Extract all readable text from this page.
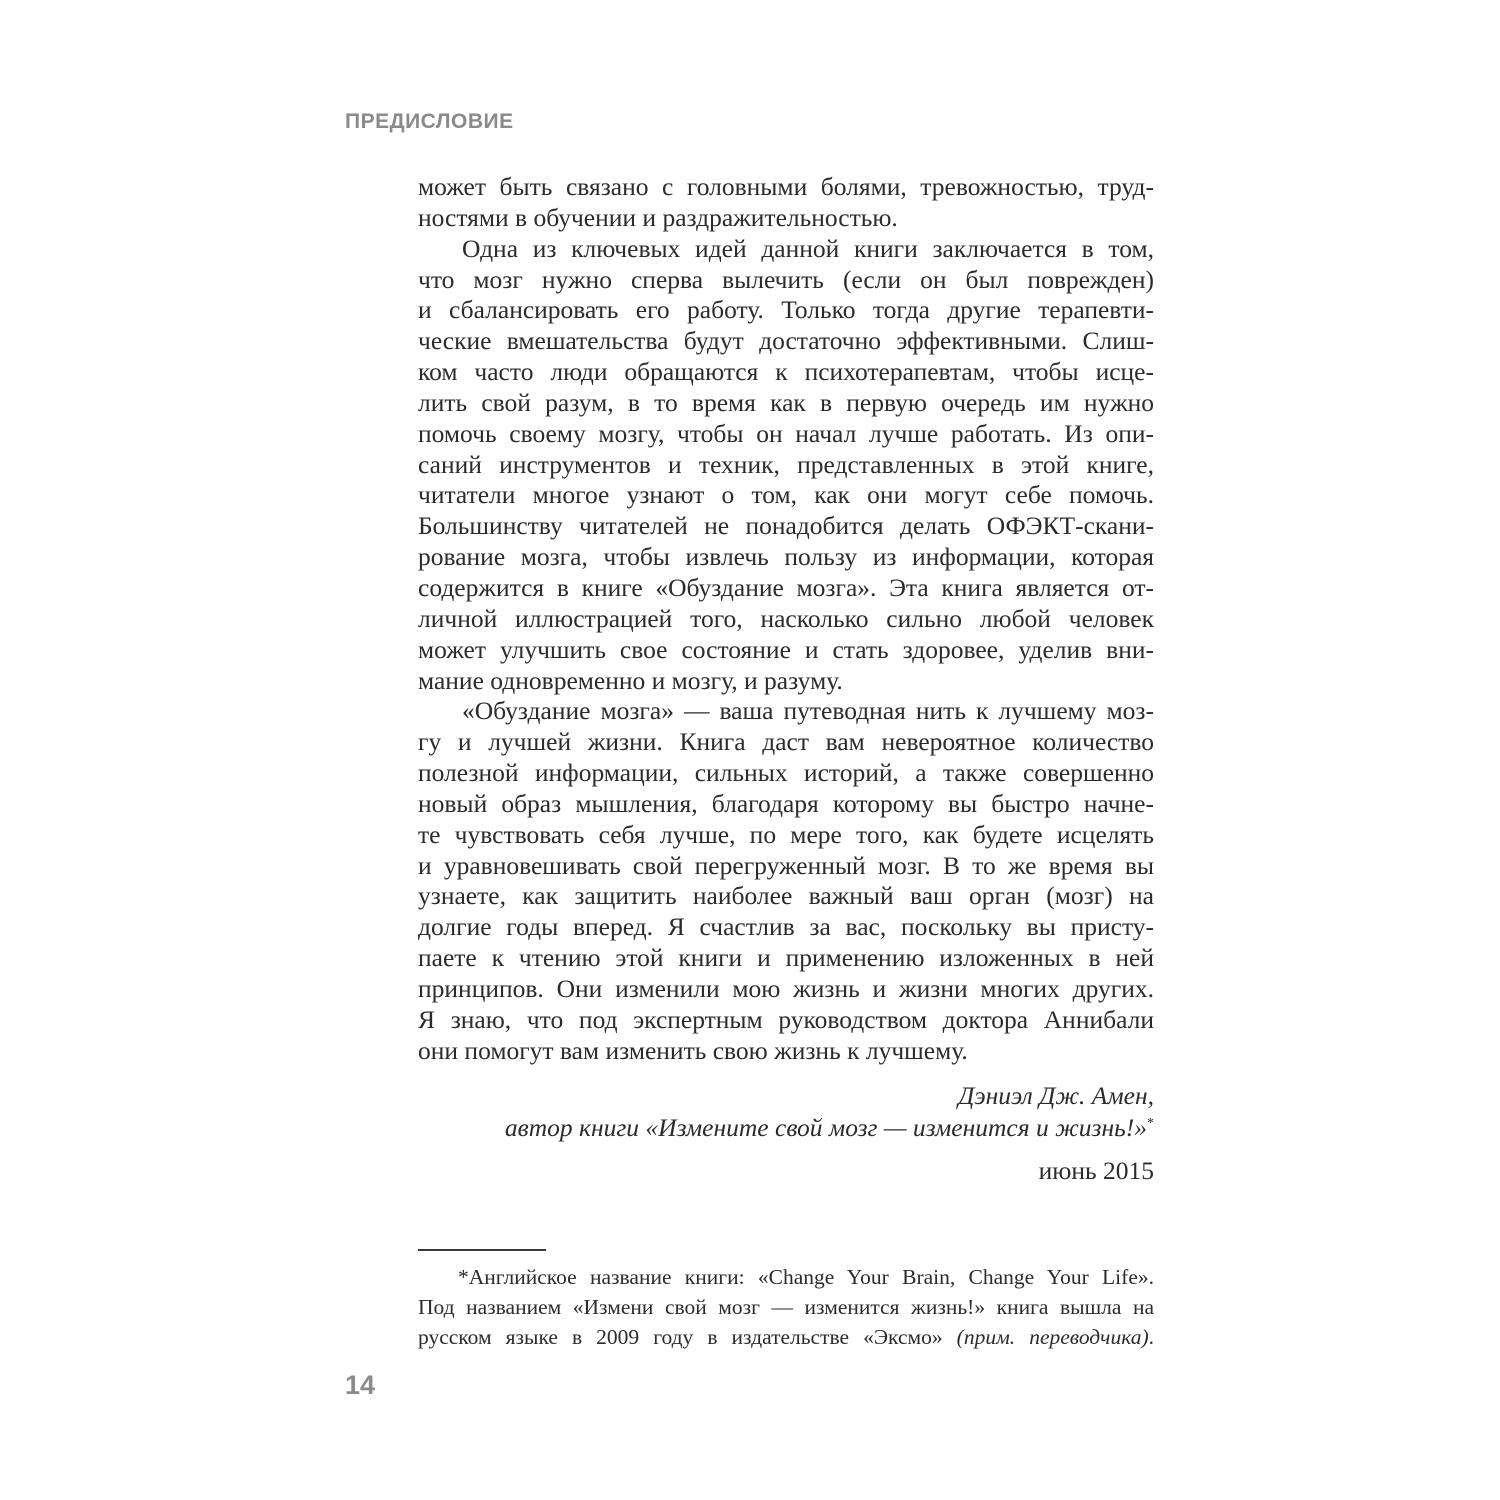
ПРЕДИСЛОВИЕ
может быть связано с головными болями, тревожностью, труд-
ностями в обучении и раздражительностью.
Одна из ключевых идей данной книги заключается в том,
что мозг нужно сперва вылечить (если он был поврежден)
и сбалансировать его работу. Только тогда другие терапевти-
ческие вмешательства будут достаточно эффективными. Слиш-
ком часто люди обращаются к психотерапевтам, чтобы исце-
лить свой разум, в то время как в первую очередь им нужно
помочь своему мозгу, чтобы он начал лучше работать. Из опи-
саний инструментов и техник, представленных в этой книге,
читатели многое узнают о том, как они могут себе помочь.
Большинству читателей не понадобится делать ОФЭКТ-скани-
рование мозга, чтобы извлечь пользу из информации, которая
содержится в книге «Обуздание мозга». Эта книга является от-
личной иллюстрацией того, насколько сильно любой человек
может улучшить свое состояние и стать здоровее, уделив вни-
мание одновременно и мозгу, и разуму.
«Обуздание мозга» — ваша путеводная нить к лучшему моз-
гу и лучшей жизни. Книга даст вам невероятное количество
полезной информации, сильных историй, а также совершенно
новый образ мышления, благодаря которому вы быстро начне-
те чувствовать себя лучше, по мере того, как будете исцелять
и уравновешивать свой перегруженный мозг. В то же время вы
узнаете, как защитить наиболее важный ваш орган (мозг) на
долгие годы вперед. Я счастлив за вас, поскольку вы присту-
паете к чтению этой книги и применению изложенных в ней
принципов. Они изменили мою жизнь и жизни многих других.
Я знаю, что под экспертным руководством доктора Аннибали
они помогут вам изменить свою жизнь к лучшему.
Дэниэл Дж. Амен,
автор книги «Измените свой мозг — изменится и жизнь!»*
июнь 2015
*Английское название книги: «Change Your Brain, Change Your Life».
Под названием «Измени свой мозг — изменится жизнь!» книга вышла на
русском языке в 2009 году в издательстве «Эксмо» (прим. переводчика).
14
